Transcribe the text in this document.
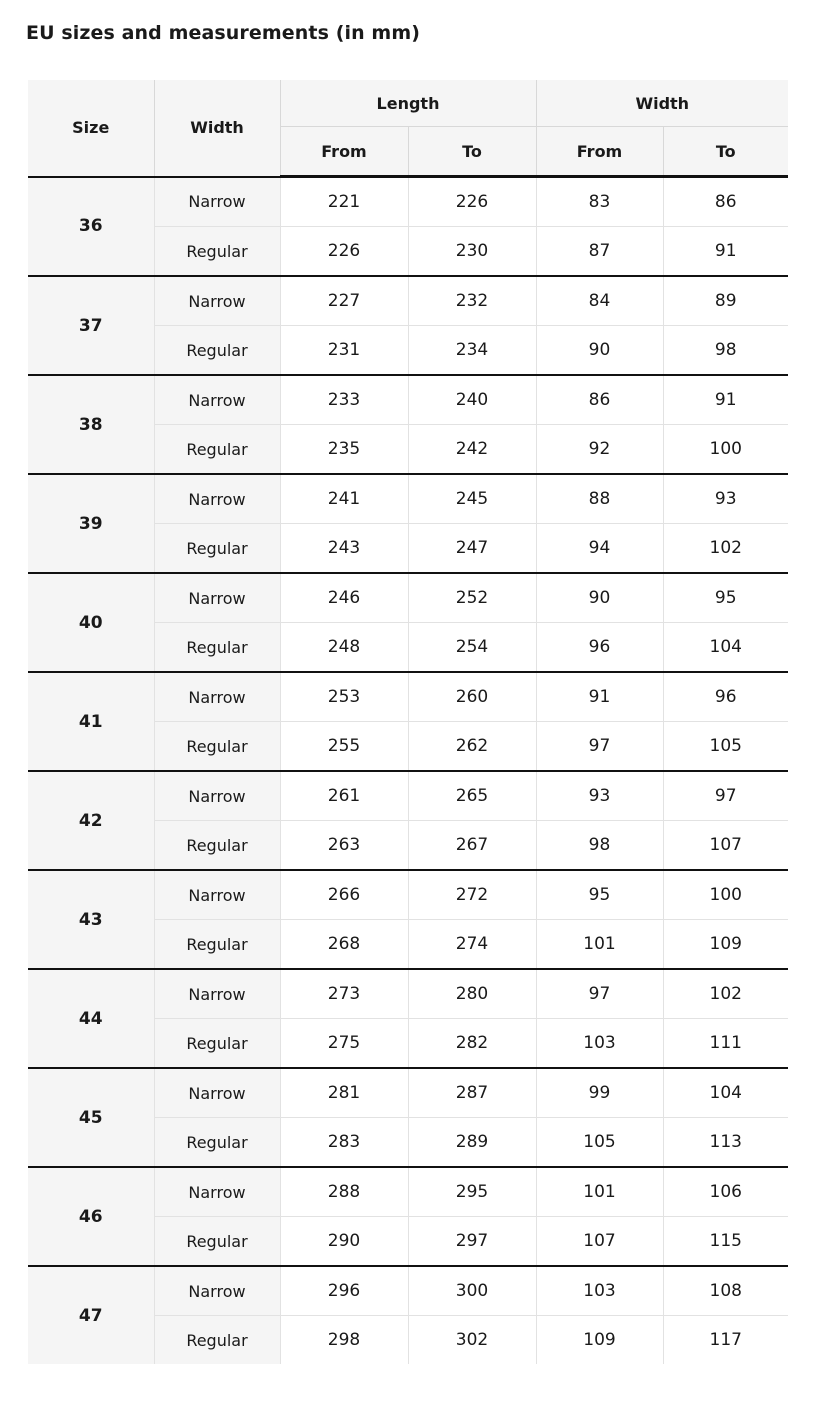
EU sizes and measurements (in mm)
Size	Width	Length		Width	
		From	To	From	To
36	Narrow	221	226	83	86
	Regular	226	230	87	91
37	Narrow	227	232	84	89
	Regular	231	234	90	98
38	Narrow	233	240	86	91
	Regular	235	242	92	100
39	Narrow	241	245	88	93
	Regular	243	247	94	102
40	Narrow	246	252	90	95
	Regular	248	254	96	104
41	Narrow	253	260	91	96
	Regular	255	262	97	105
42	Narrow	261	265	93	97
	Regular	263	267	98	107
43	Narrow	266	272	95	100
	Regular	268	274	101	109
44	Narrow	273	280	97	102
	Regular	275	282	103	111
45	Narrow	281	287	99	104
	Regular	283	289	105	113
46	Narrow	288	295	101	106
	Regular	290	297	107	115
47	Narrow	296	300	103	108
	Regular	298	302	109	117
